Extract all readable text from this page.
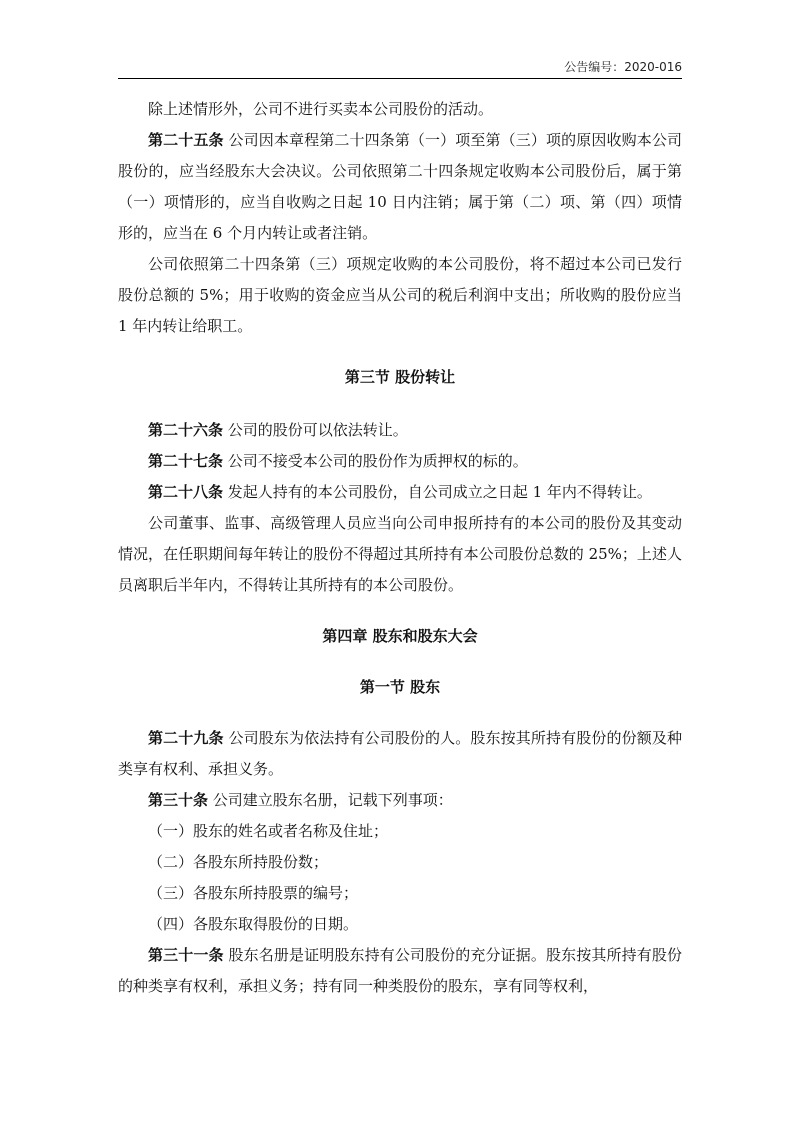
公告编号：2020-016

除上述情形外，公司不进行买卖本公司股份的活动。

第二十五条 公司因本章程第二十四条第（一）项至第（三）项的原因收购本公司股份的，应当经股东大会决议。公司依照第二十四条规定收购本公司股份后，属于第（一）项情形的，应当自收购之日起 10 日内注销；属于第（二）项、第（四）项情形的，应当在 6 个月内转让或者注销。

公司依照第二十四条第（三）项规定收购的本公司股份，将不超过本公司已发行股份总额的 5%；用于收购的资金应当从公司的税后利润中支出；所收购的股份应当 1 年内转让给职工。

第三节 股份转让

第二十六条 公司的股份可以依法转让。

第二十七条 公司不接受本公司的股份作为质押权的标的。

第二十八条 发起人持有的本公司股份，自公司成立之日起 1 年内不得转让。

公司董事、监事、高级管理人员应当向公司申报所持有的本公司的股份及其变动情况，在任职期间每年转让的股份不得超过其所持有本公司股份总数的 25%；上述人员离职后半年内，不得转让其所持有的本公司股份。

第四章 股东和股东大会

第一节 股东

第二十九条 公司股东为依法持有公司股份的人。股东按其所持有股份的份额及种类享有权利、承担义务。

第三十条 公司建立股东名册，记载下列事项：

（一）股东的姓名或者名称及住址；

（二）各股东所持股份数；

（三）各股东所持股票的编号；

（四）各股东取得股份的日期。

第三十一条 股东名册是证明股东持有公司股份的充分证据。股东按其所持有股份的种类享有权利，承担义务；持有同一种类股份的股东，享有同等权利，
